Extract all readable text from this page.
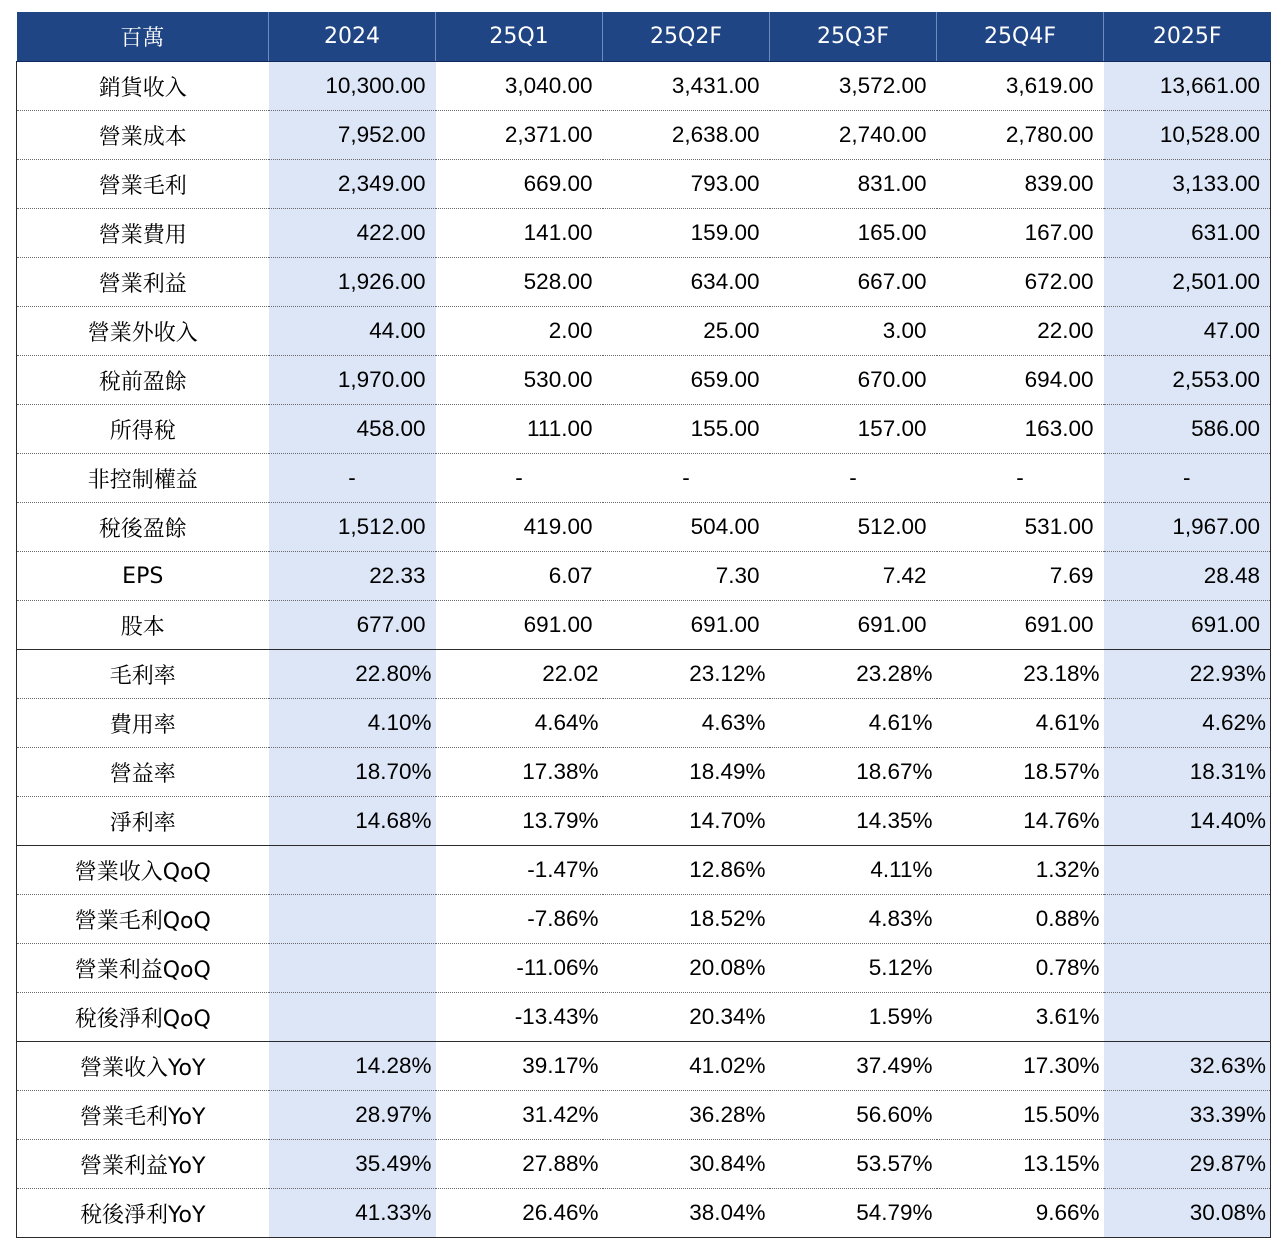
百萬	2024	25Q1	25Q2F	25Q3F	25Q4F	2025F
銷貨收入	10,300.00	3,040.00	3,431.00	3,572.00	3,619.00	13,661.00
營業成本	7,952.00	2,371.00	2,638.00	2,740.00	2,780.00	10,528.00
營業毛利	2,349.00	669.00	793.00	831.00	839.00	3,133.00
營業費用	422.00	141.00	159.00	165.00	167.00	631.00
營業利益	1,926.00	528.00	634.00	667.00	672.00	2,501.00
營業外收入	44.00	2.00	25.00	3.00	22.00	47.00
稅前盈餘	1,970.00	530.00	659.00	670.00	694.00	2,553.00
所得稅	458.00	111.00	155.00	157.00	163.00	586.00
非控制權益	-	-	-	-	-	-
稅後盈餘	1,512.00	419.00	504.00	512.00	531.00	1,967.00
EPS	22.33	6.07	7.30	7.42	7.69	28.48
股本	677.00	691.00	691.00	691.00	691.00	691.00
毛利率	22.80%	22.02	23.12%	23.28%	23.18%	22.93%
費用率	4.10%	4.64%	4.63%	4.61%	4.61%	4.62%
營益率	18.70%	17.38%	18.49%	18.67%	18.57%	18.31%
淨利率	14.68%	13.79%	14.70%	14.35%	14.76%	14.40%
營業收入QoQ		-1.47%	12.86%	4.11%	1.32%	
營業毛利QoQ		-7.86%	18.52%	4.83%	0.88%	
營業利益QoQ		-11.06%	20.08%	5.12%	0.78%	
稅後淨利QoQ		-13.43%	20.34%	1.59%	3.61%	
營業收入YoY	14.28%	39.17%	41.02%	37.49%	17.30%	32.63%
營業毛利YoY	28.97%	31.42%	36.28%	56.60%	15.50%	33.39%
營業利益YoY	35.49%	27.88%	30.84%	53.57%	13.15%	29.87%
稅後淨利YoY	41.33%	26.46%	38.04%	54.79%	9.66%	30.08%
